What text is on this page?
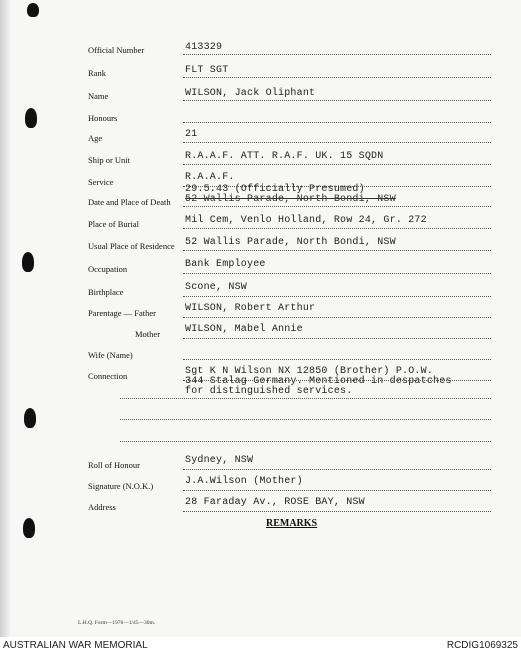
Official Number	413329
Rank	FLT SGT
Name	WILSON, Jack Oliphant
Honours
Age	21
Ship or Unit	R.A.A.F. ATT. R.A.F. UK. 15 SQDN
Service	R.A.A.F.
29.5.43 (Officially Presumed)
Date and Place of Death 52 Wallis Parade, North Bondi, NSW
Place of Burial	Mil Cem, Venlo Holland, Row 24, Gr. 272
Usual Place of Residence 52 Wallis Parade, North Bondi, NSW
Occupation	Bank Employee
Birthplace	Scone, NSW
Parentage — Father	WILSON, Robert Arthur
Mother WILSON, Mabel Annie
Wife (Name)
Connection	Sgt K N Wilson NX 12850 (Brother) P.O.W.
344 Stalag Germany. Mentioned in despatches
for distinguished services.
Roll of Honour	Sydney, NSW
Signature (N.O.K.)	J.A.Wilson (Mother)
Address	28 Faraday Av., ROSE BAY, NSW
REMARKS
L.H.Q. Form—1976—1/45—30m.
AUSTRALIAN WAR MEMORIAL	RCDIG1069325
